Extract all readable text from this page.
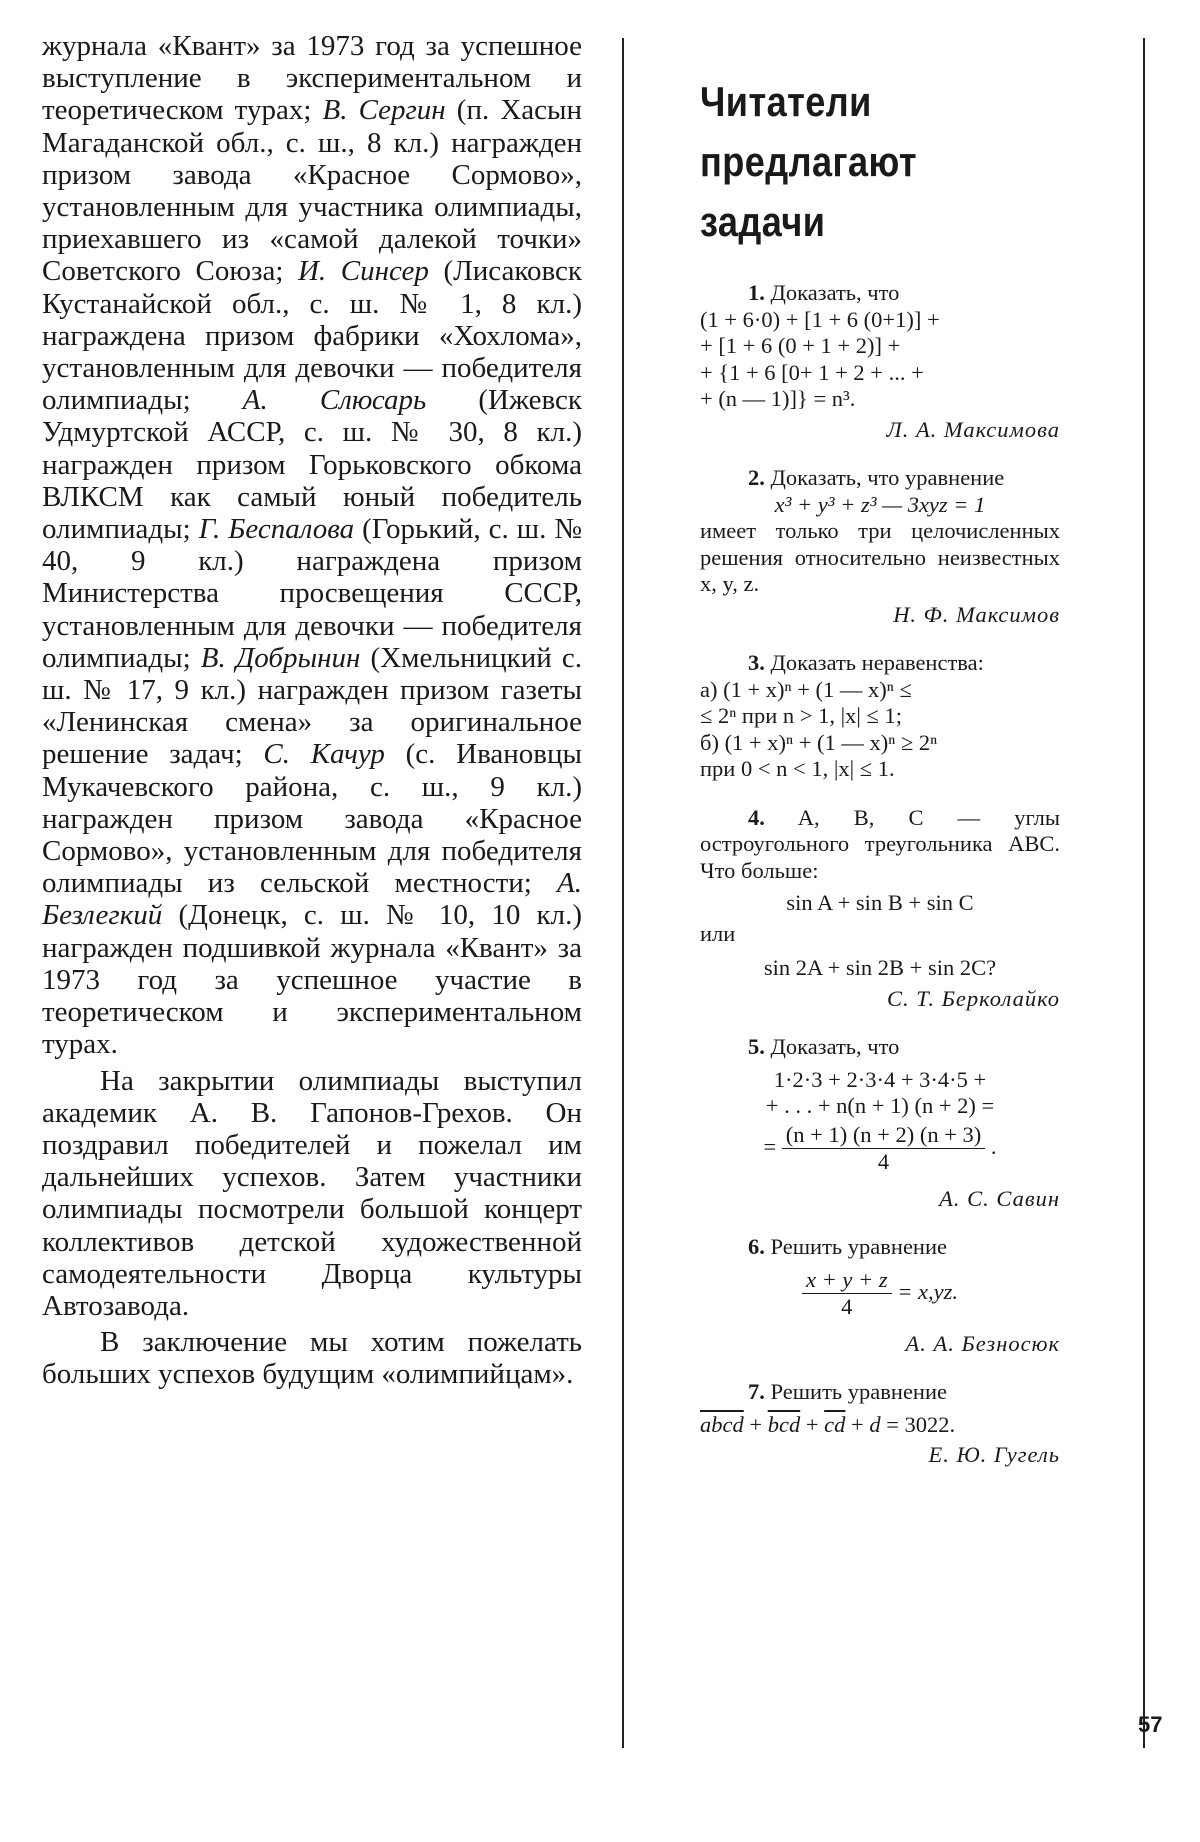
журнала «Квант» за 1973 год за успешное выступление в экспериментальном и теоретическом турах; В. Сергин (п. Хасын Магаданской обл., с. ш., 8 кл.) награжден призом завода «Красное Сормово», установленным для участника олимпиады, приехавшего из «самой далекой точки» Советского Союза; И. Синсер (Лисаковск Кустанайской обл., с. ш. № 1, 8 кл.) награждена призом фабрики «Хохлома», установленным для девочки — победителя олимпиады; А. Слюсарь (Ижевск Удмуртской АССР, с. ш. № 30, 8 кл.) награжден призом Горьковского обкома ВЛКСМ как самый юный победитель олимпиады; Г. Беспалова (Горький, с. ш. № 40, 9 кл.) награждена призом Министерства просвещения СССР, установленным для девочки — победителя олимпиады; В. Добрынин (Хмельницкий с. ш. № 17, 9 кл.) награжден призом газеты «Ленинская смена» за оригинальное решение задач; С. Качур (с. Ивановцы Мукачевского района, с. ш., 9 кл.) награжден призом завода «Красное Сормово», установленным для победителя олимпиады из сельской местности; А. Безлегкий (Донецк, с. ш. № 10, 10 кл.) награжден подшивкой журнала «Квант» за 1973 год за успешное участие в теоретическом и экспериментальном турах.

На закрытии олимпиады выступил академик А. В. Гапонов-Грехов. Он поздравил победителей и пожелал им дальнейших успехов. Затем участники олимпиады посмотрели большой концерт коллективов детской художественной самодеятельности Дворца культуры Автозавода.

В заключение мы хотим пожелать больших успехов будущим «олимпийцам».

Читатели
предлагают
задачи

1. Доказать, что

(1 + 6·0) + [1 + 6 (0+1)] +

+ [1 + 6 (0 + 1 + 2)] +

+ {1 + 6 [0+ 1 + 2 + ... +

+ (n — 1)]} = n³.

Л. А. Максимова

2. Доказать, что уравнение

x³ + y³ + z³ — 3xyz = 1

имеет только три целочисленных решения относительно неизвестных x, y, z.

Н. Ф. Максимов

3. Доказать неравенства:

а) (1 + x)ⁿ + (1 — x)ⁿ ≤

≤ 2ⁿ при n > 1, |x| ≤ 1;

б) (1 + x)ⁿ + (1 — x)ⁿ ≥ 2ⁿ

при 0 < n < 1, |x| ≤ 1.

4. A, B, C — углы остроугольного треугольника ABC. Что больше:

sin A + sin B + sin C

или

sin 2A + sin 2B + sin 2C?

С. Т. Берколайко

5. Доказать, что

1·2·3 + 2·3·4 + 3·4·5 +

+ . . . + n(n + 1) (n + 2) =

= $\frac{(n + 1) (n + 2) (n + 3)}{4}$ .

А. С. Савин

6. Решить уравнение

$\frac{x + y + z}{4} = x,yz$.

А. А. Безносюк

7. Решить уравнение

abcd + $\overline{bcd} + \overline{cd} + d = 3022$.

Е. Ю. Гугель

57
